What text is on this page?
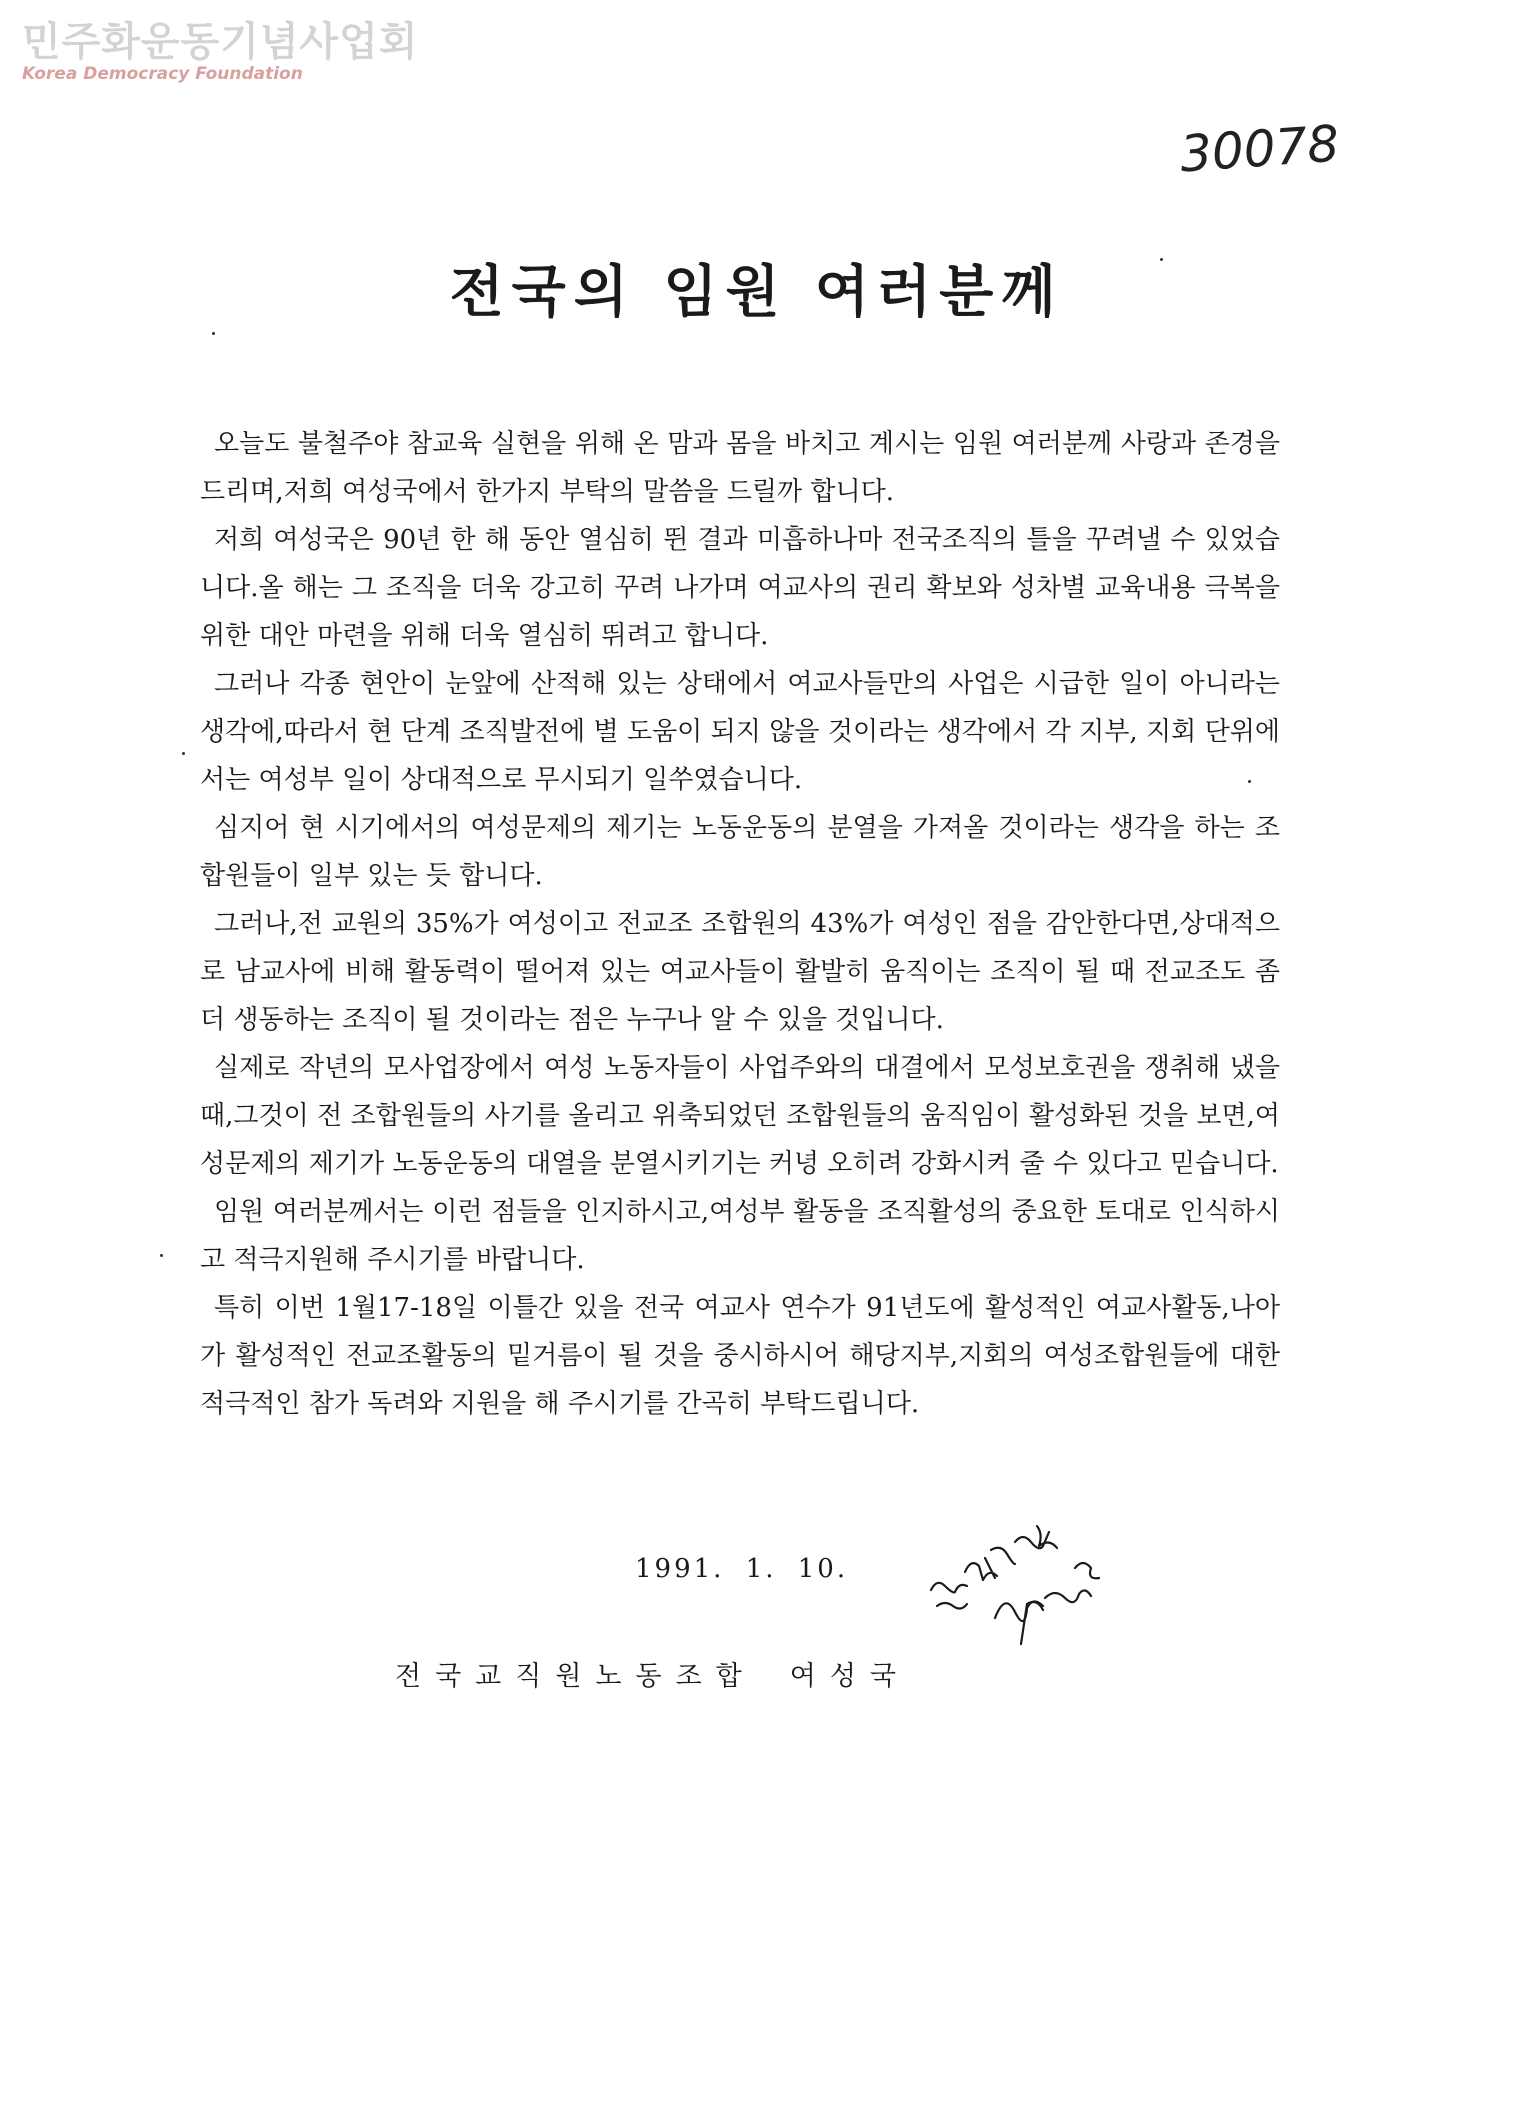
민주화운동기념사업회
Korea Democracy Foundation
30078
전국의 임원 여러분께

오늘도 불철주야 참교육 실현을 위해 온 맘과 몸을 바치고 계시는 임원 여러분께 사랑과 존경을 드리며,저희 여성국에서 한가지 부탁의 말씀을 드릴까 합니다.

저희 여성국은 90년 한 해 동안 열심히 뛴 결과 미흡하나마 전국조직의 틀을 꾸려낼 수 있었습니다.올 해는 그 조직을 더욱 강고히 꾸려 나가며 여교사의 권리 확보와 성차별 교육내용 극복을 위한 대안 마련을 위해 더욱 열심히 뛰려고 합니다.

그러나 각종 현안이 눈앞에 산적해 있는 상태에서 여교사들만의 사업은 시급한 일이 아니라는 생각에,따라서 현 단계 조직발전에 별 도움이 되지 않을 것이라는 생각에서 각 지부, 지회 단위에서는 여성부 일이 상대적으로 무시되기 일쑤였습니다.

심지어 현 시기에서의 여성문제의 제기는 노동운동의 분열을 가져올 것이라는 생각을 하는 조합원들이 일부 있는 듯 합니다.

그러나,전 교원의 35%가 여성이고 전교조 조합원의 43%가 여성인 점을 감안한다면,상대적으로 남교사에 비해 활동력이 떨어져 있는 여교사들이 활발히 움직이는 조직이 될 때 전교조도 좀더 생동하는 조직이 될 것이라는 점은 누구나 알 수 있을 것입니다.

실제로 작년의 모사업장에서 여성 노동자들이 사업주와의 대결에서 모성보호권을 쟁취해 냈을때,그것이 전 조합원들의 사기를 올리고 위축되었던 조합원들의 움직임이 활성화된 것을 보면,여성문제의 제기가 노동운동의 대열을 분열시키기는 커녕 오히려 강화시켜 줄 수 있다고 믿습니다.

임원 여러분께서는 이런 점들을 인지하시고,여성부 활동을 조직활성의 중요한 토대로 인식하시고 적극지원해 주시기를 바랍니다.

특히 이번 1월17-18일 이틀간 있을 전국 여교사 연수가 91년도에 활성적인 여교사활동,나아가 활성적인 전교조활동의 밑거름이 될 것을 중시하시어 해당지부,지회의 여성조합원들에 대한 적극적인 참가 독려와 지원을 해 주시기를 간곡히 부탁드립니다.

1991. 1. 10.
전국교직원노동조합 여성국
